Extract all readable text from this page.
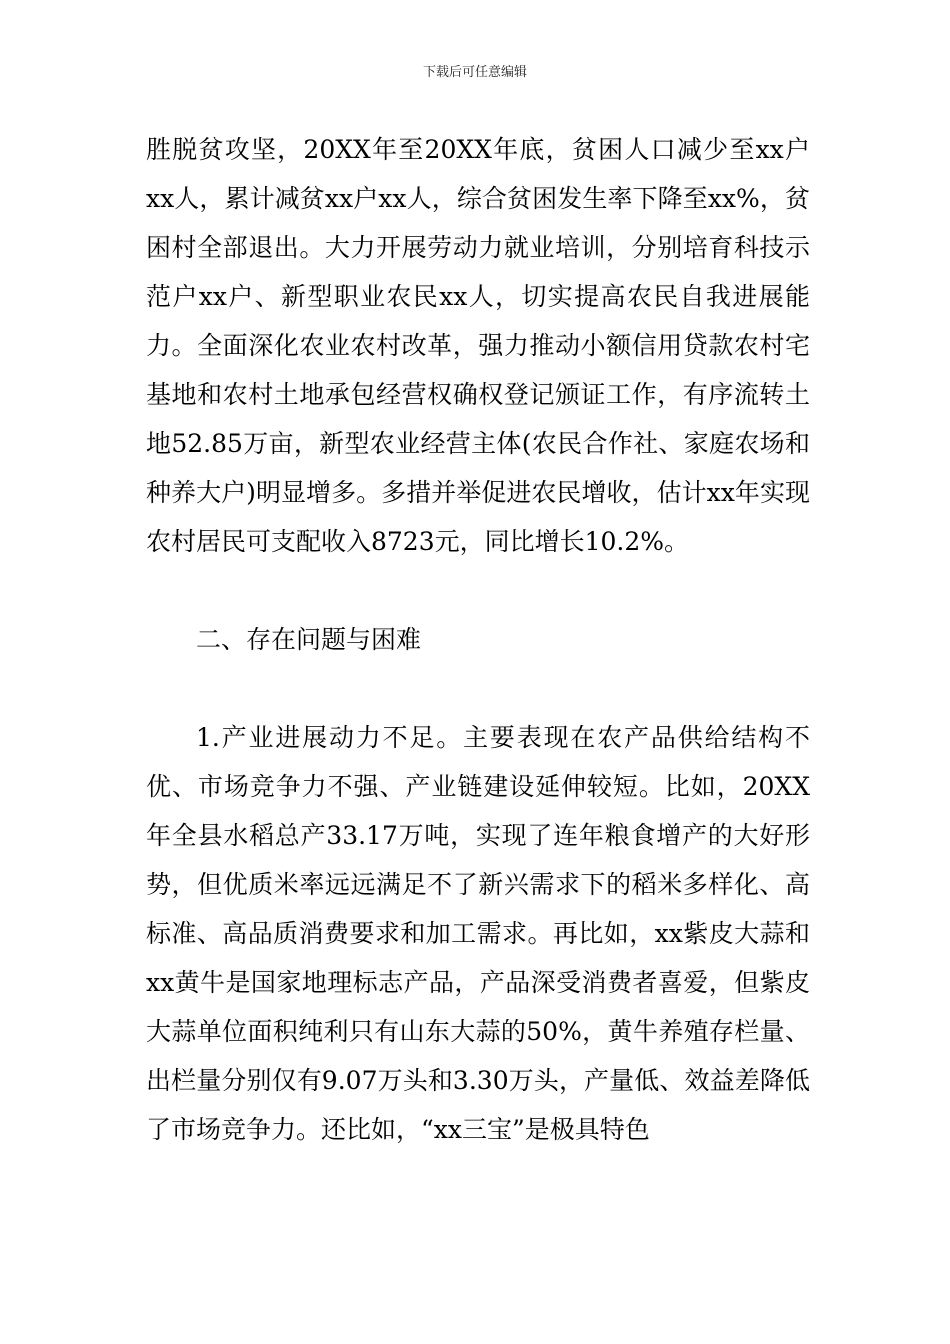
下载后可任意编辑

胜脱贫攻坚，20XX年至20XX年底，贫困人口减少至xx户xx人，累计减贫xx户xx人，综合贫困发生率下降至xx%，贫困村全部退出。大力开展劳动力就业培训，分别培育科技示范户xx户、新型职业农民xx人，切实提高农民自我进展能力。全面深化农业农村改革，强力推动小额信用贷款农村宅基地和农村土地承包经营权确权登记颁证工作，有序流转土地52.85万亩，新型农业经营主体(农民合作社、家庭农场和种养大户)明显增多。多措并举促进农民增收，估计xx年实现农村居民可支配收入8723元，同比增长10.2%。

二、存在问题与困难

1.产业进展动力不足。主要表现在农产品供给结构不优、市场竞争力不强、产业链建设延伸较短。比如，20XX年全县水稻总产33.17万吨，实现了连年粮食增产的大好形势，但优质米率远远满足不了新兴需求下的稻米多样化、高标准、高品质消费要求和加工需求。再比如，xx紫皮大蒜和xx黄牛是国家地理标志产品，产品深受消费者喜爱，但紫皮大蒜单位面积纯利只有山东大蒜的50%，黄牛养殖存栏量、出栏量分别仅有9.07万头和3.30万头，产量低、效益差降低了市场竞争力。还比如，“xx三宝”是极具特色
